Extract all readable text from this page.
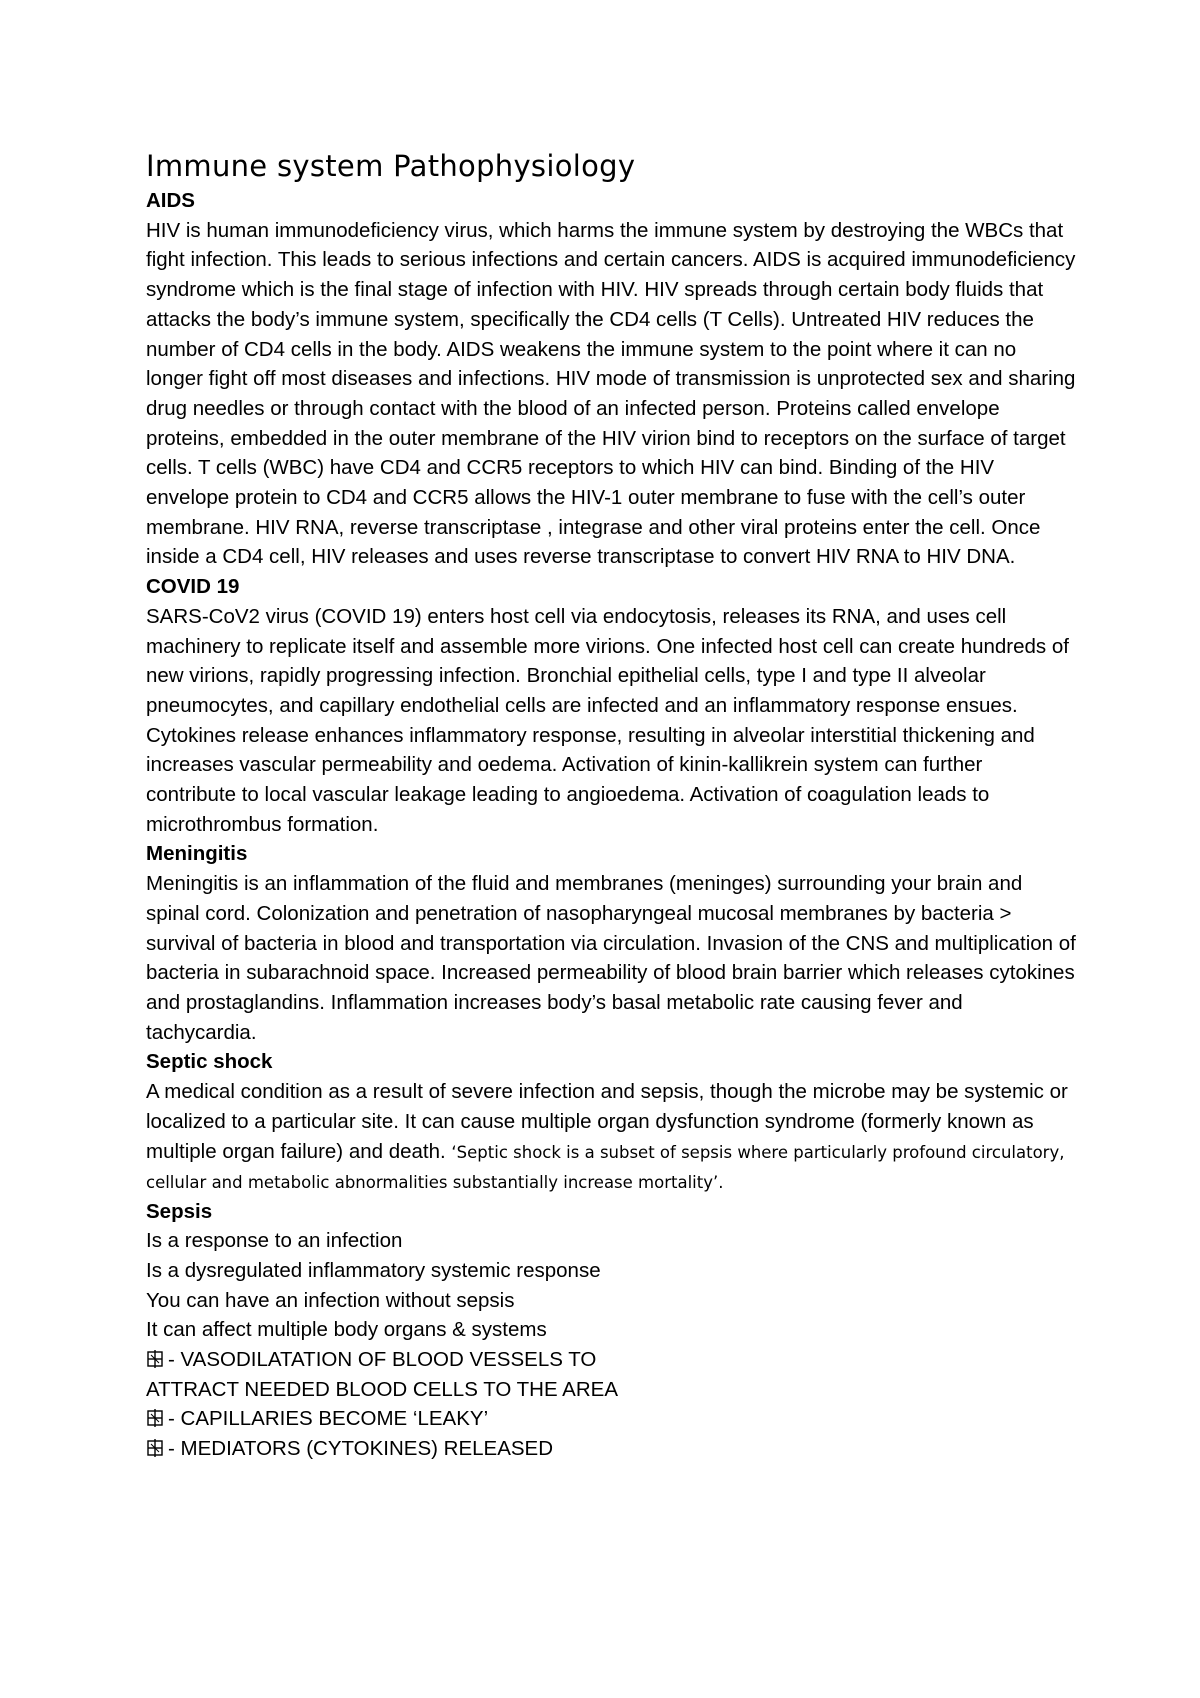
Immune system Pathophysiology

AIDS

HIV is human immunodeficiency virus, which harms the immune system by destroying the WBCs that fight infection. This leads to serious infections and certain cancers. AIDS is acquired immunodeficiency syndrome which is the final stage of infection with HIV. HIV spreads through certain body fluids that attacks the body’s immune system, specifically the CD4 cells (T Cells). Untreated HIV reduces the number of CD4 cells in the body. AIDS weakens the immune system to the point where it can no longer fight off most diseases and infections. HIV mode of transmission is unprotected sex and sharing drug needles or through contact with the blood of an infected person. Proteins called envelope proteins, embedded in the outer membrane of the HIV virion bind to receptors on the surface of target cells. T cells (WBC) have CD4 and CCR5 receptors to which HIV can bind. Binding of the HIV envelope protein to CD4 and CCR5 allows the HIV-1 outer membrane to fuse with the cell’s outer membrane. HIV RNA, reverse transcriptase , integrase and other viral proteins enter the cell. Once inside a CD4 cell, HIV releases and uses reverse transcriptase to convert HIV RNA to HIV DNA.

COVID 19

SARS-CoV2 virus (COVID 19) enters host cell via endocytosis, releases its RNA, and uses cell machinery to replicate itself and assemble more virions. One infected host cell can create hundreds of new virions, rapidly progressing infection. Bronchial epithelial cells, type I and type II alveolar pneumocytes, and capillary endothelial cells are infected and an inflammatory response ensues. Cytokines release enhances inflammatory response, resulting in alveolar interstitial thickening and increases vascular permeability and oedema. Activation of kinin-kallikrein system can further contribute to local vascular leakage leading to angioedema. Activation of coagulation leads to microthrombus formation.

Meningitis

Meningitis is an inflammation of the fluid and membranes (meninges) surrounding your brain and spinal cord. Colonization and penetration of nasopharyngeal mucosal membranes by bacteria > survival of bacteria in blood and transportation via circulation. Invasion of the CNS and multiplication of bacteria in subarachnoid space. Increased permeability of blood brain barrier which releases cytokines and prostaglandins. Inflammation increases body’s basal metabolic rate causing fever and tachycardia.

Septic shock

A medical condition as a result of severe infection and sepsis, though the microbe may be systemic or localized to a particular site. It can cause multiple organ dysfunction syndrome (formerly known as multiple organ failure) and death. ‘Septic shock is a subset of sepsis where particularly profound circulatory, cellular and metabolic abnormalities substantially increase mortality’.

Sepsis

Is a response to an infection

Is a dysregulated inflammatory systemic response

You can have an infection without sepsis

It can affect multiple body organs & systems

- VASODILATATION OF BLOOD VESSELS TO

ATTRACT NEEDED BLOOD CELLS TO THE AREA

- CAPILLARIES BECOME ‘LEAKY’

- MEDIATORS (CYTOKINES) RELEASED
